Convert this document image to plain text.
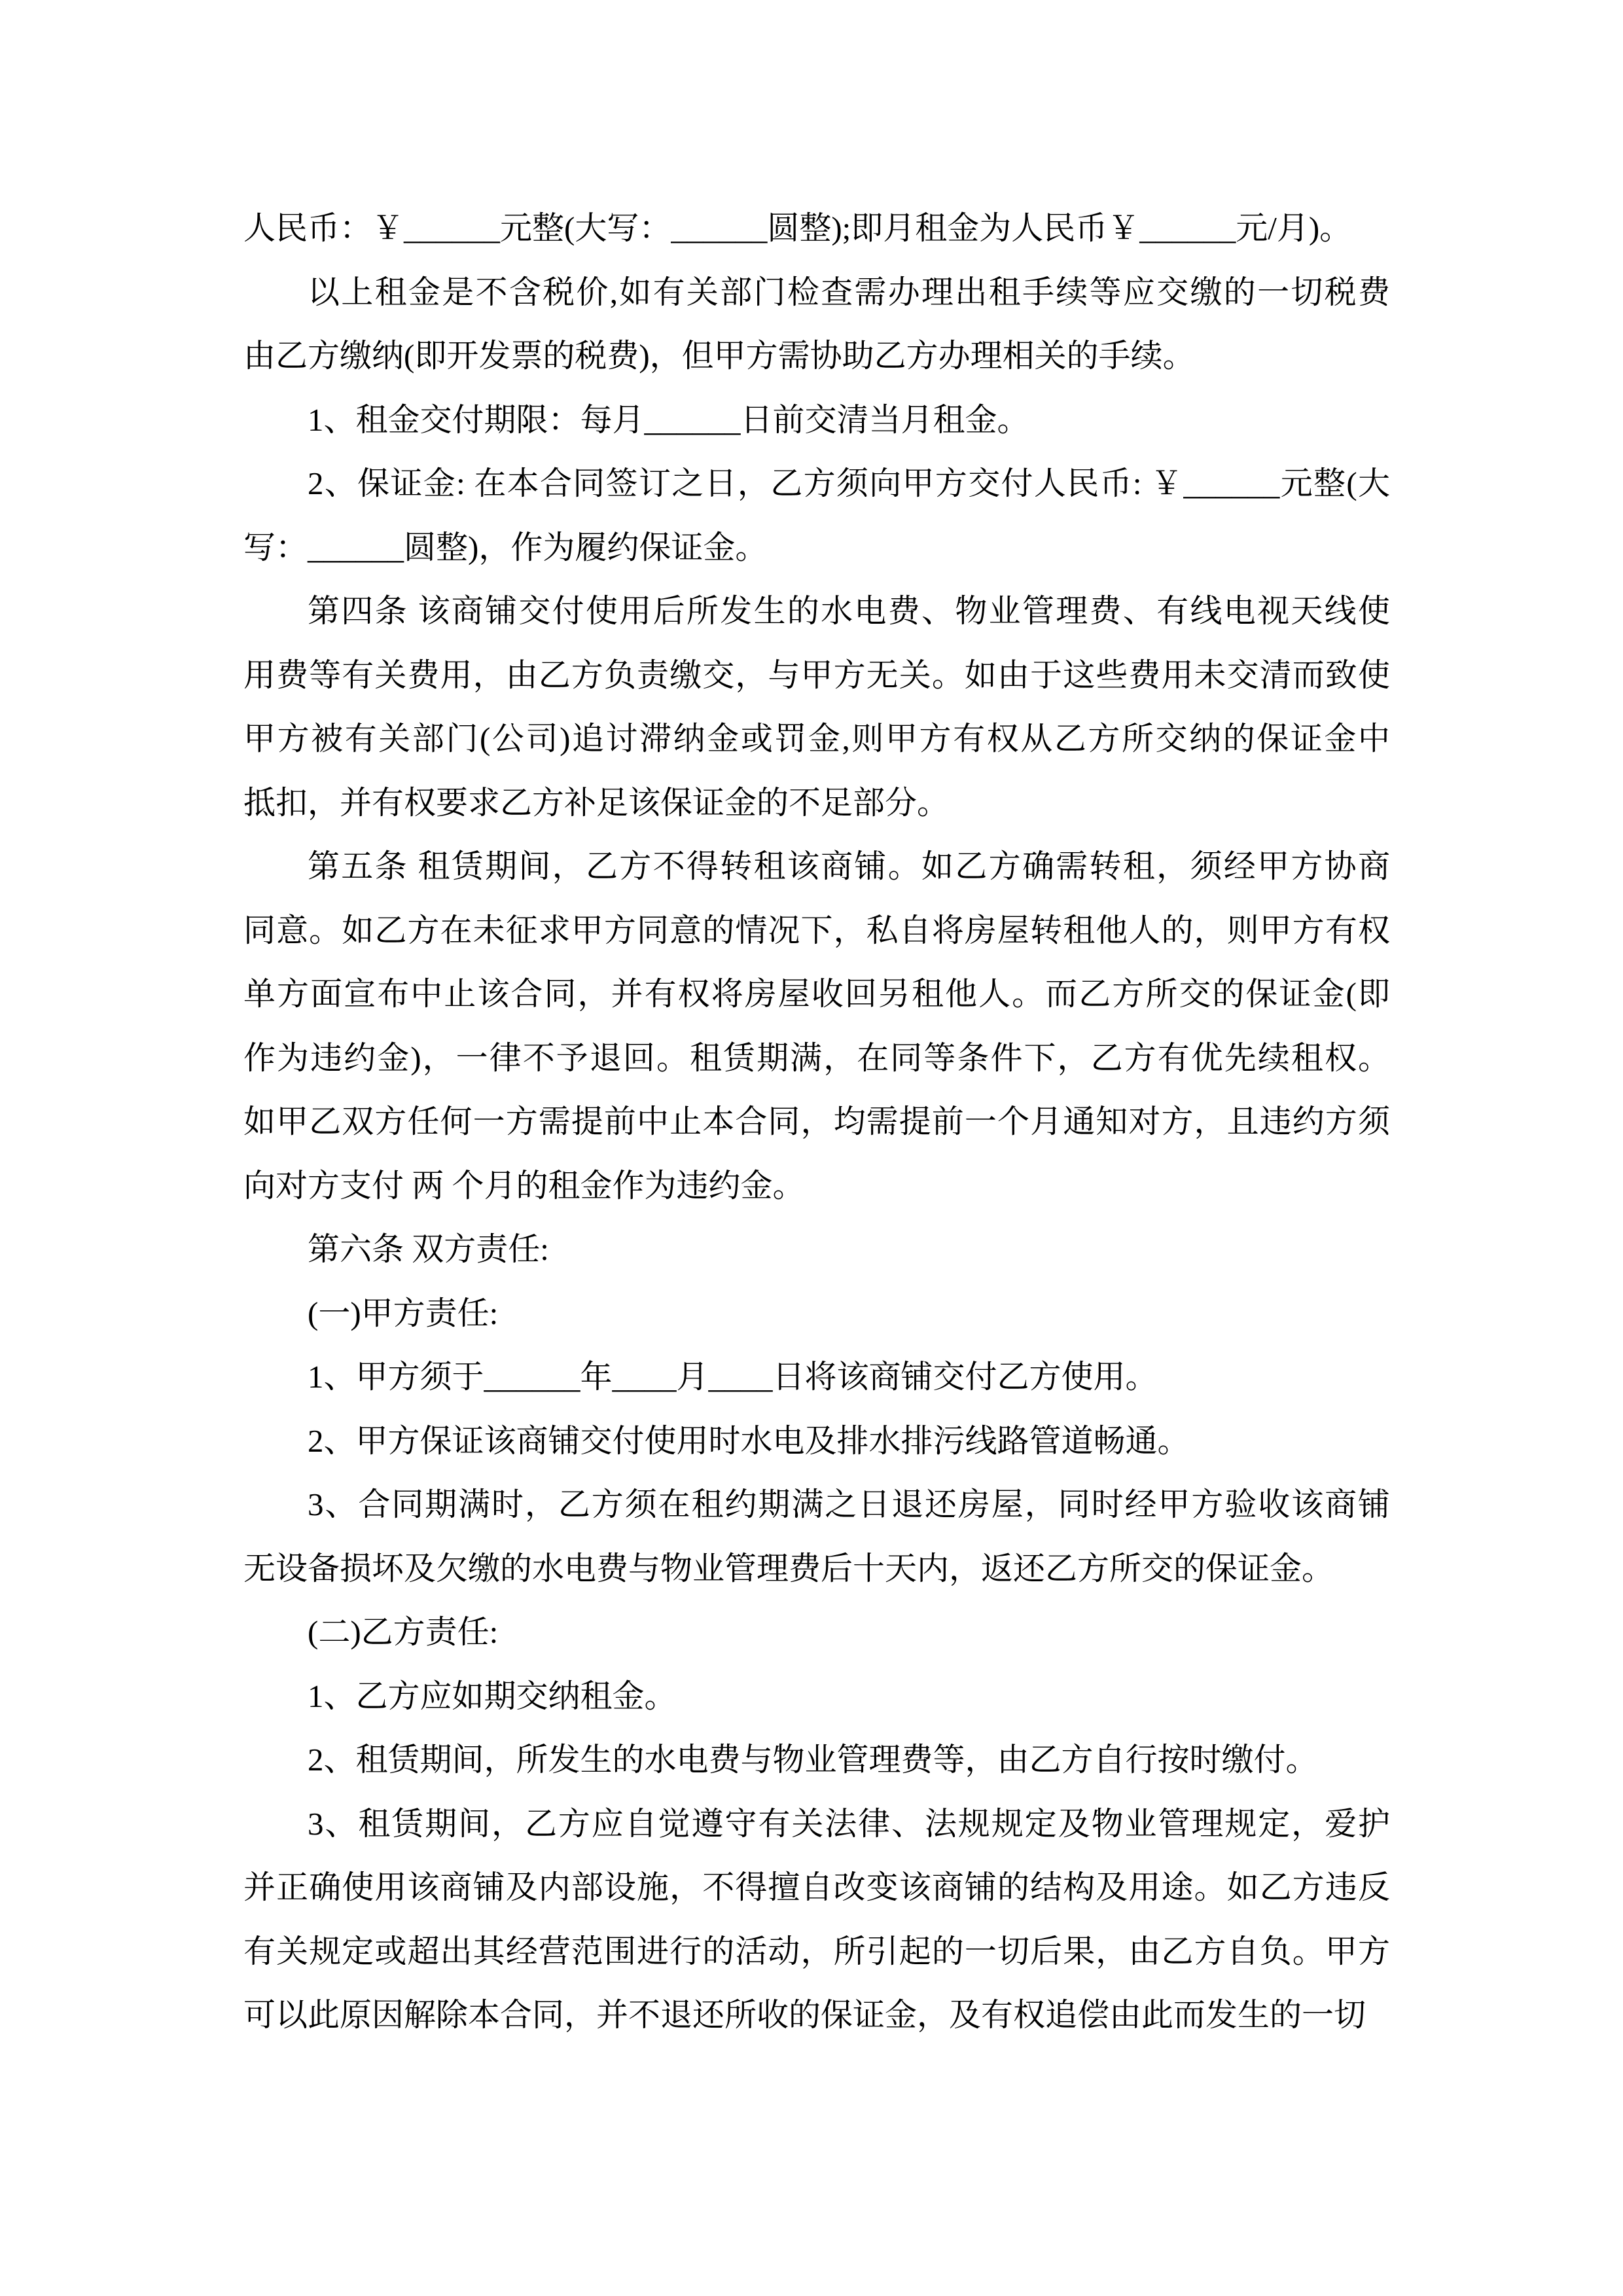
人民币：￥______元整(大写：______圆整);即月租金为人民币￥______元/月)。

以上租金是不含税价,如有关部门检查需办理出租手续等应交缴的一切税费
由乙方缴纳(即开发票的税费)，但甲方需协助乙方办理相关的手续。

1、租金交付期限：每月______日前交清当月租金。

2、保证金: 在本合同签订之日，乙方须向甲方交付人民币: ￥______元整(大
写：______圆整)，作为履约保证金。

第四条 该商铺交付使用后所发生的水电费、物业管理费、有线电视天线使
用费等有关费用，由乙方负责缴交，与甲方无关。如由于这些费用未交清而致使
甲方被有关部门(公司)追讨滞纳金或罚金,则甲方有权从乙方所交纳的保证金中
抵扣，并有权要求乙方补足该保证金的不足部分。

第五条 租赁期间，乙方不得转租该商铺。如乙方确需转租，须经甲方协商
同意。如乙方在未征求甲方同意的情况下，私自将房屋转租他人的，则甲方有权
单方面宣布中止该合同，并有权将房屋收回另租他人。而乙方所交的保证金(即
作为违约金)，一律不予退回。租赁期满，在同等条件下，乙方有优先续租权。
如甲乙双方任何一方需提前中止本合同，均需提前一个月通知对方，且违约方须
向对方支付 两 个月的租金作为违约金。

第六条 双方责任:

(一)甲方责任:

1、甲方须于______年____月____日将该商铺交付乙方使用。

2、甲方保证该商铺交付使用时水电及排水排污线路管道畅通。

3、合同期满时，乙方须在租约期满之日退还房屋，同时经甲方验收该商铺
无设备损坏及欠缴的水电费与物业管理费后十天内，返还乙方所交的保证金。

(二)乙方责任:

1、乙方应如期交纳租金。

2、租赁期间，所发生的水电费与物业管理费等，由乙方自行按时缴付。

3、租赁期间，乙方应自觉遵守有关法律、法规规定及物业管理规定，爱护
并正确使用该商铺及内部设施，不得擅自改变该商铺的结构及用途。如乙方违反
有关规定或超出其经营范围进行的活动，所引起的一切后果，由乙方自负。甲方
可以此原因解除本合同，并不退还所收的保证金，及有权追偿由此而发生的一切
